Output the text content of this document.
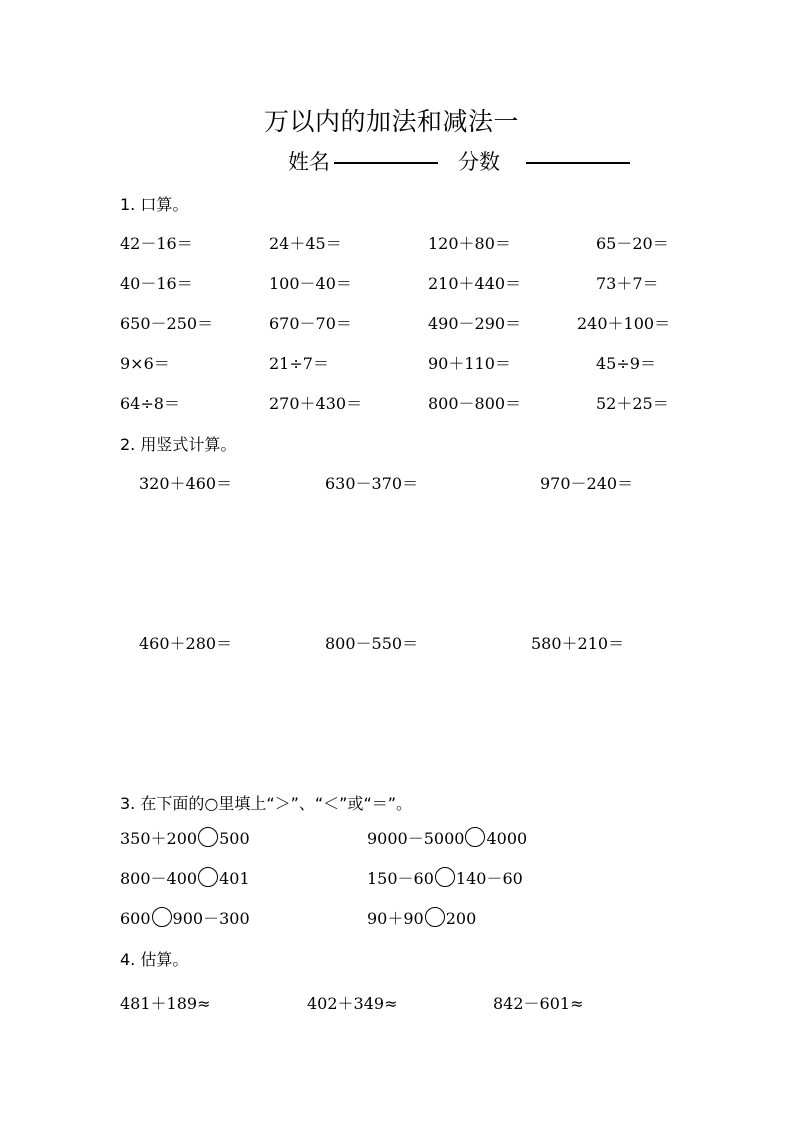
万以内的加法和减法一
姓名	分数
1. 口算。
42－16＝	24＋45＝	120＋80＝	65－20＝
40－16＝	100－40＝	210＋440＝	73＋7＝
650－250＝	670－70＝	490－290＝	240＋100＝
9×6＝	21÷7＝	90＋110＝	45÷9＝
64÷8＝	270＋430＝	800－800＝	52＋25＝
2. 用竖式计算。
320＋460＝	630－370＝	970－240＝
460＋280＝	800－550＝	580＋210＝
3. 在下面的○里填上“＞”、“＜”或“＝”。
350＋200 500	9000－5000 4000
800－400 401	150－60 140－60
600 900－300	90＋90 200
4. 估算。
481＋189≈	402＋349≈	842－601≈
